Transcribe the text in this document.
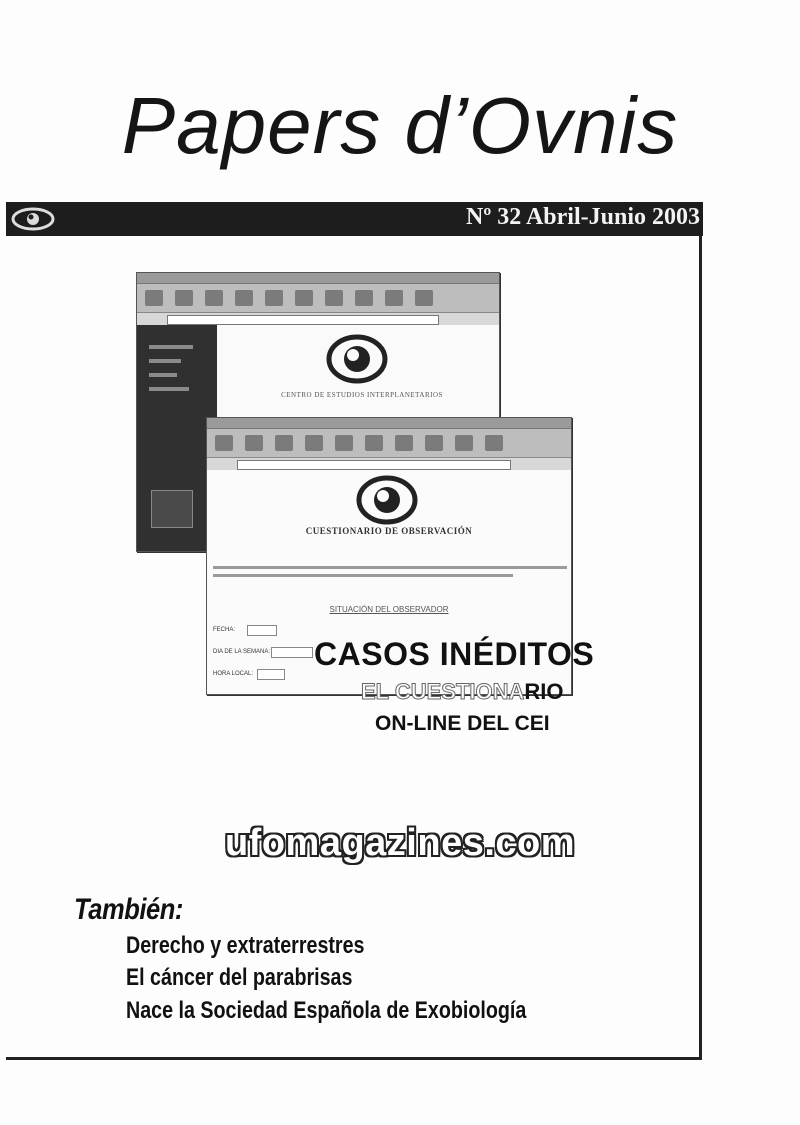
Papers d’Ovnis
Nº 32 Abril-Junio 2003
CENTRO DE ESTUDIOS INTERPLANETARIOS
CUESTIONARIO DE OBSERVACIÓN
SITUACIÓN DEL OBSERVADOR
FECHA:
DIA DE LA SEMANA:
HORA LOCAL:
CASOS INÉDITOS
EL CUESTIONARIO
ON-LINE DEL CEI
ufomagazines.com
También:
Derecho y extraterrestres
El cáncer del parabrisas
Nace la Sociedad Española de Exobiología
